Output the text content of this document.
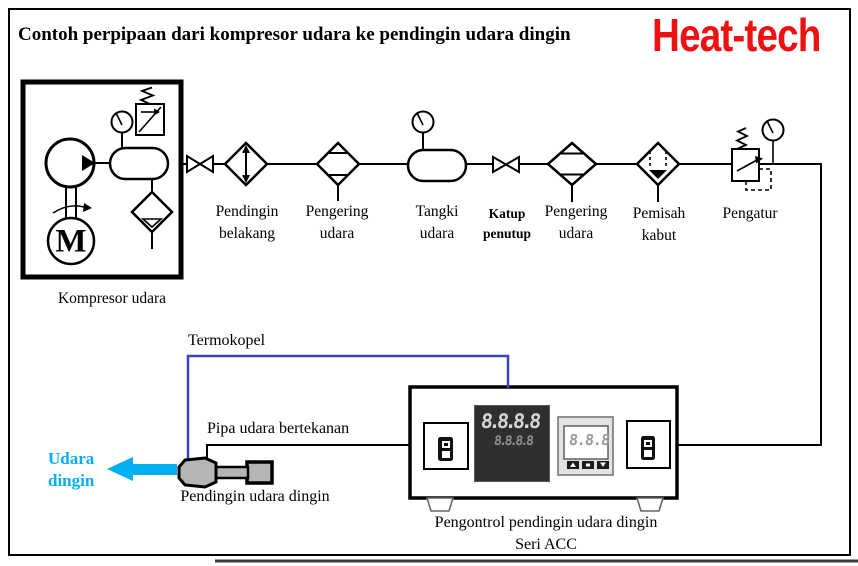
Contoh perpipaan dari kompresor udara ke pendingin udara dingin Heat-tech
Kompresor udara
M
Pendingin
belakang
Pengering
udara
Tangki
udara
Katup
penutup
Pengering
udara
Pemisah
kabut
Pengatur
Termokopel
Pipa udara bertekanan
Udara
dingin
Pendingin udara dingin
Pengontrol pendingin udara dingin
Seri ACC
8.8.8.8
8.8.8.8	8.8.8
